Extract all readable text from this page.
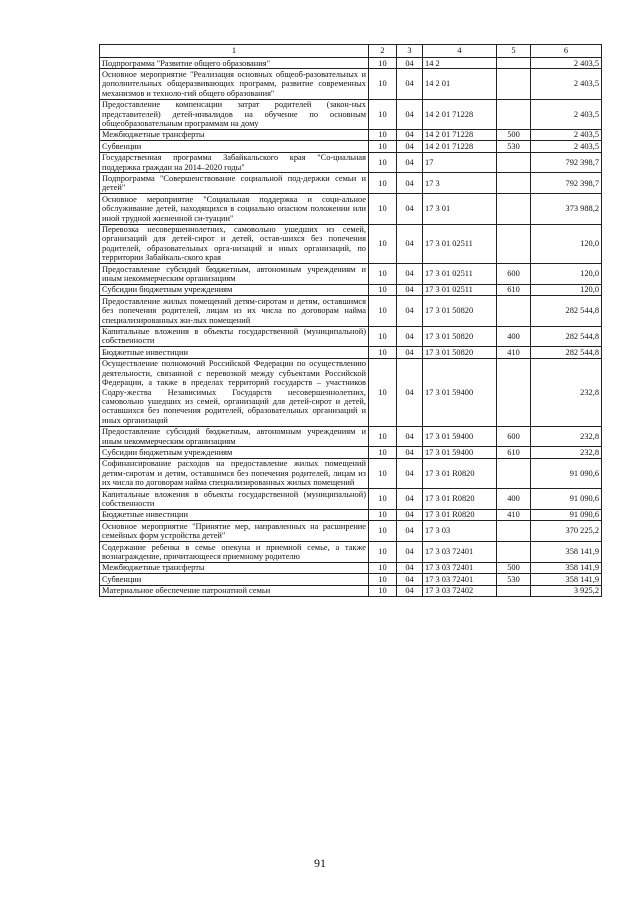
1	2	3	4	5	6
Подпрограмма "Развитие общего образования"	10	04	14 2		2 403,5
Основное мероприятие "Реализация основных общеоб-разовательных и дополнительных общеразвивающих программ, развитие современных механизмов и техноло-гий общего образования"	10	04	14 2 01		2 403,5
Предоставление компенсации затрат родителей (закон-ных представителей) детей-инвалидов на обучение по основным общеобразовательным программам на дому	10	04	14 2 01 71228		2 403,5
Межбюджетные трансферты	10	04	14 2 01 71228	500	2 403,5
Субвенции	10	04	14 2 01 71228	530	2 403,5
Государственная программа Забайкальского края "Со-циальная поддержка граждан на 2014–2020 годы"	10	04	17		792 398,7
Подпрограмма "Совершенствование социальной под-держки семьи и детей"	10	04	17 3		792 398,7
Основное мероприятие "Социальная поддержка и соци-альное обслуживание детей, находящихся в социально опасном положении или иной трудной жизненной си-туации"	10	04	17 3 01		373 988,2
Перевозка несовершеннолетних, самовольно ушедших из семей, организаций для детей-сирот и детей, остав-шихся без попечения родителей, образовательных орга-низаций и иных организаций, по территории Забайкаль-ского края	10	04	17 3 01 02511		120,0
Предоставление субсидий бюджетным, автономным учреждениям и иным некоммерческим организациям	10	04	17 3 01 02511	600	120,0
Субсидии бюджетным учреждениям	10	04	17 3 01 02511	610	120,0
Предоставление жилых помещений детям-сиротам и детям, оставшимся без попечения родителей, лицам из их числа по договорам найма специализированных жи-лых помещений	10	04	17 3 01 50820		282 544,8
Капитальные вложения в объекты государственной (муниципальной) собственности	10	04	17 3 01 50820	400	282 544,8
Бюджетные инвестиции	10	04	17 3 01 50820	410	282 544,8
Осуществление полномочий Российской Федерации по осуществлению деятельности, связанной с перевозкой между субъектами Российской Федерации, а также в пределах территорий государств – участников Содру-жества Независимых Государств несовершеннолетних, самовольно ушедших из семей, организаций для детей-сирот и детей, оставшихся без попечения родителей, образовательных организаций и иных организаций	10	04	17 3 01 59400		232,8
Предоставление субсидий бюджетным, автономным учреждениям и иным некоммерческим организациям	10	04	17 3 01 59400	600	232,8
Субсидии бюджетным учреждениям	10	04	17 3 01 59400	610	232,8
Софинансирование расходов на предоставление жилых помещений детям-сиротам и детям, оставшимся без попечения родителей, лицам из их числа по договорам найма специализированных жилых помещений	10	04	17 3 01 R0820		91 090,6
Капитальные вложения в объекты государственной (муниципальной) собственности	10	04	17 3 01 R0820	400	91 090,6
Бюджетные инвестиции	10	04	17 3 01 R0820	410	91 090,6
Основное мероприятие "Принятие мер, направленных на расширение семейных форм устройства детей"	10	04	17 3 03		370 225,2
Содержание ребенка в семье опекуна и приемной семье, а также вознаграждение, причитающееся приемному родителю	10	04	17 3 03 72401		358 141,9
Межбюджетные трансферты	10	04	17 3 03 72401	500	358 141,9
Субвенции	10	04	17 3 03 72401	530	358 141,9
Материальное обеспечение патронатной семьи	10	04	17 3 03 72402		3 925,2
91
